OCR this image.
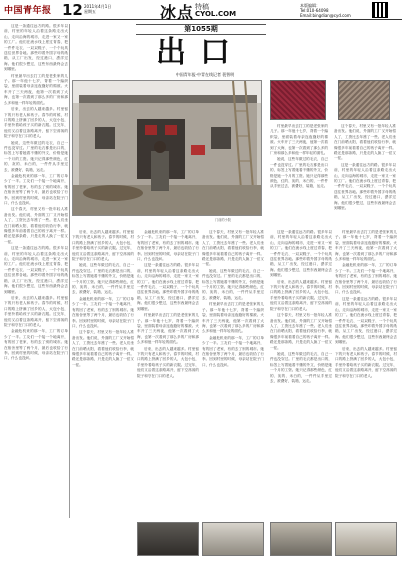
中国青年报 12 2011年4月1日
星期五	冰点 特稿
CYOL.COM
本版编辑：
Tel:010-64098
Email:bingdian@cyd.com
第1055期
出口
中国青年报·中青在线记者 裴智明

这是一条通往远方的路。很多年以前，村里的年轻人沿着这条路走出大山，走向沿海的城市，走进一家又一家的工厂。他们在流水线上度过青春，把一件件毛衣、一双双鞋子、一个个玩具送往世界各地。那些印着外国字母的纸箱，从工厂出发，经过港口，漂洋过海。他们很少想过，这些东西最终会去到哪里。

村里最早出去打工的是老张家的儿子。那一年他十七岁，背着一个编织袋，里面装着母亲连夜缝好的棉被。火车开了三天两夜，他第一次看到了大海，也第一次看到了那么多的厂房和那么多和他一样年轻的面孔。

后来，出去的人越来越多。村里留下的只有老人和孩子。春节的时候，村口的路上挤满了回乡的人，大包小包，手里拎着给孩子买的新衣服。过完年，他们又沿着这条路离开，留下空荡荡的院子和守在门口的老人。

她说，这些年做过的毛衣，自己一件也没穿过。厂里的毛衣都是出口的，标签上写着她看不懂的外文，价格是她一个月的工资。她只记得那些颜色，红的、灰的、米白的，一件件从手里过去，被叠好，装箱，运走。

金融危机来的那一年，工厂的订单少了一半。工友们一个接一个地离开，有的回了老家，有的去了别的城市。她在宿舍里等了两个月，最后也收拾了行李。回到村里的时候，母亲站在院子门口，什么也没问。

这个春天，村里又有一批年轻人准备出发。他们说，外面的工厂又开始招人了，工资比去年涨了一些。老人们坐在门前晒太阳，看着他们收拾行李，就像很多年前看着自己的孩子离开一样。路还是那条路，只是走的人换了一茬又一茬。

这是一条通往远方的路。很多年以前，村里的年轻人沿着这条路走出大山，走向沿海的城市，走进一家又一家的工厂。他们在流水线上度过青春，把一件件毛衣、一双双鞋子、一个个玩具送往世界各地。那些印着外国字母的纸箱，从工厂出发，经过港口，漂洋过海。他们很少想过，这些东西最终会去到哪里。

后来，出去的人越来越多。村里留下的只有老人和孩子。春节的时候，村口的路上挤满了回乡的人，大包小包，手里拎着给孩子买的新衣服。过完年，他们又沿着这条路离开，留下空荡荡的院子和守在门口的老人。

金融危机来的那一年，工厂的订单少了一半。工友们一个接一个地离开，有的回了老家，有的去了别的城市。她在宿舍里等了两个月，最后也收拾了行李。回到村里的时候，母亲站在院子门口，什么也没问。

门前的小院

村里最早出去打工的是老张家的儿子。那一年他十七岁，背着一个编织袋，里面装着母亲连夜缝好的棉被。火车开了三天两夜，他第一次看到了大海，也第一次看到了那么多的厂房和那么多和他一样年轻的面孔。

她说，这些年做过的毛衣，自己一件也没穿过。厂里的毛衣都是出口的，标签上写着她看不懂的外文，价格是她一个月的工资。她只记得那些颜色，红的、灰的、米白的，一件件从手里过去，被叠好，装箱，运走。

这个春天，村里又有一批年轻人准备出发。他们说，外面的工厂又开始招人了，工资比去年涨了一些。老人们坐在门前晒太阳，看着他们收拾行李，就像很多年前看着自己的孩子离开一样。路还是那条路，只是走的人换了一茬又一茬。

这是一条通往远方的路。很多年以前，村里的年轻人沿着这条路走出大山，走向沿海的城市，走进一家又一家的工厂。他们在流水线上度过青春，把一件件毛衣、一双双鞋子、一个个玩具送往世界各地。那些印着外国字母的纸箱，从工厂出发，经过港口，漂洋过海。他们很少想过，这些东西最终会去到哪里。

后来，出去的人越来越多。村里留下的只有老人和孩子。春节的时候，村口的路上挤满了回乡的人，大包小包，手里拎着给孩子买的新衣服。过完年，他们又沿着这条路离开，留下空荡荡的院子和守在门口的老人。

她说，这些年做过的毛衣，自己一件也没穿过。厂里的毛衣都是出口的，标签上写着她看不懂的外文，价格是她一个月的工资。她只记得那些颜色，红的、灰的、米白的，一件件从手里过去，被叠好，装箱，运走。

金融危机来的那一年，工厂的订单少了一半。工友们一个接一个地离开，有的回了老家，有的去了别的城市。她在宿舍里等了两个月，最后也收拾了行李。回到村里的时候，母亲站在院子门口，什么也没问。

这个春天，村里又有一批年轻人准备出发。他们说，外面的工厂又开始招人了，工资比去年涨了一些。老人们坐在门前晒太阳，看着他们收拾行李，就像很多年前看着自己的孩子离开一样。路还是那条路，只是走的人换了一茬又一茬。

金融危机来的那一年，工厂的订单少了一半。工友们一个接一个地离开，有的回了老家，有的去了别的城市。她在宿舍里等了两个月，最后也收拾了行李。回到村里的时候，母亲站在院子门口，什么也没问。

这是一条通往远方的路。很多年以前，村里的年轻人沿着这条路走出大山，走向沿海的城市，走进一家又一家的工厂。他们在流水线上度过青春，把一件件毛衣、一双双鞋子、一个个玩具送往世界各地。那些印着外国字母的纸箱，从工厂出发，经过港口，漂洋过海。他们很少想过，这些东西最终会去到哪里。

村里最早出去打工的是老张家的儿子。那一年他十七岁，背着一个编织袋，里面装着母亲连夜缝好的棉被。火车开了三天两夜，他第一次看到了大海，也第一次看到了那么多的厂房和那么多和他一样年轻的面孔。

后来，出去的人越来越多。村里留下的只有老人和孩子。春节的时候，村口的路上挤满了回乡的人，大包小包，手里拎着给孩子买的新衣服。过完年，他们又沿着这条路离开，留下空荡荡的院子和守在门口的老人。

这个春天，村里又有一批年轻人准备出发。他们说，外面的工厂又开始招人了，工资比去年涨了一些。老人们坐在门前晒太阳，看着他们收拾行李，就像很多年前看着自己的孩子离开一样。路还是那条路，只是走的人换了一茬又一茬。

她说，这些年做过的毛衣，自己一件也没穿过。厂里的毛衣都是出口的，标签上写着她看不懂的外文，价格是她一个月的工资。她只记得那些颜色，红的、灰的、米白的，一件件从手里过去，被叠好，装箱，运走。

村里最早出去打工的是老张家的儿子。那一年他十七岁，背着一个编织袋，里面装着母亲连夜缝好的棉被。火车开了三天两夜，他第一次看到了大海，也第一次看到了那么多的厂房和那么多和他一样年轻的面孔。

金融危机来的那一年，工厂的订单少了一半。工友们一个接一个地离开，有的回了老家，有的去了别的城市。她在宿舍里等了两个月，最后也收拾了行李。回到村里的时候，母亲站在院子门口，什么也没问。

这是一条通往远方的路。很多年以前，村里的年轻人沿着这条路走出大山，走向沿海的城市，走进一家又一家的工厂。他们在流水线上度过青春，把一件件毛衣、一双双鞋子、一个个玩具送往世界各地。那些印着外国字母的纸箱，从工厂出发，经过港口，漂洋过海。他们很少想过，这些东西最终会去到哪里。

后来，出去的人越来越多。村里留下的只有老人和孩子。春节的时候，村口的路上挤满了回乡的人，大包小包，手里拎着给孩子买的新衣服。过完年，他们又沿着这条路离开，留下空荡荡的院子和守在门口的老人。

这个春天，村里又有一批年轻人准备出发。他们说，外面的工厂又开始招人了，工资比去年涨了一些。老人们坐在门前晒太阳，看着他们收拾行李，就像很多年前看着自己的孩子离开一样。路还是那条路，只是走的人换了一茬又一茬。

她说，这些年做过的毛衣，自己一件也没穿过。厂里的毛衣都是出口的，标签上写着她看不懂的外文，价格是她一个月的工资。她只记得那些颜色，红的、灰的、米白的，一件件从手里过去，被叠好，装箱，运走。

村里最早出去打工的是老张家的儿子。那一年他十七岁，背着一个编织袋，里面装着母亲连夜缝好的棉被。火车开了三天两夜，他第一次看到了大海，也第一次看到了那么多的厂房和那么多和他一样年轻的面孔。

金融危机来的那一年，工厂的订单少了一半。工友们一个接一个地离开，有的回了老家，有的去了别的城市。她在宿舍里等了两个月，最后也收拾了行李。回到村里的时候，母亲站在院子门口，什么也没问。

这是一条通往远方的路。很多年以前，村里的年轻人沿着这条路走出大山，走向沿海的城市，走进一家又一家的工厂。他们在流水线上度过青春，把一件件毛衣、一双双鞋子、一个个玩具送往世界各地。那些印着外国字母的纸箱，从工厂出发，经过港口，漂洋过海。他们很少想过，这些东西最终会去到哪里。

后来，出去的人越来越多。村里留下的只有老人和孩子。春节的时候，村口的路上挤满了回乡的人，大包小包，手里拎着给孩子买的新衣服。过完年，他们又沿着这条路离开，留下空荡荡的院子和守在门口的老人。
